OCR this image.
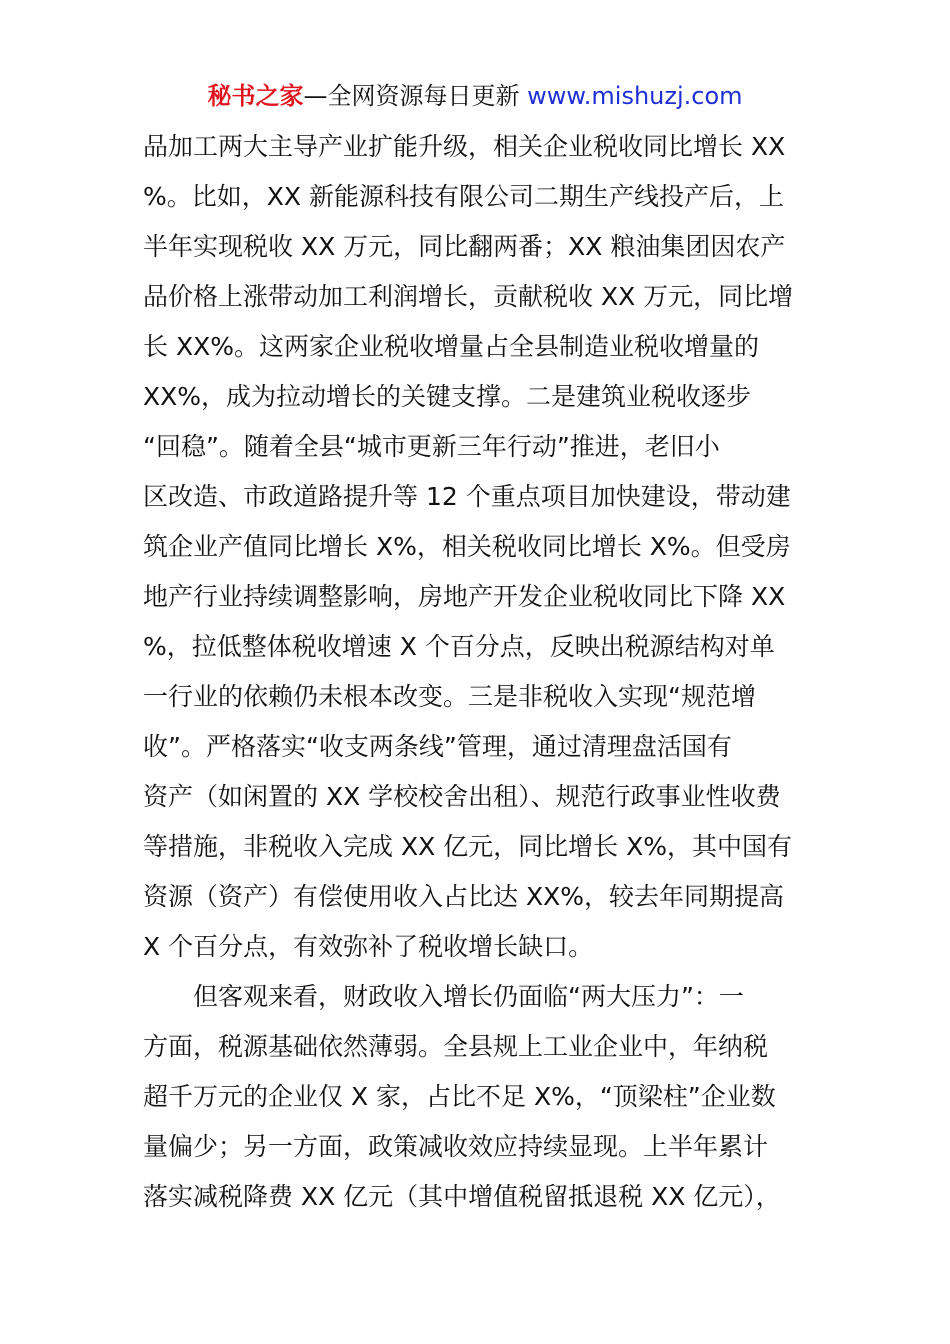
秘书之家—全网资源每日更新 www.mishuzj.com
品加工两大主导产业扩能升级，相关企业税收同比增长 XX
%。比如，XX 新能源科技有限公司二期生产线投产后，上
半年实现税收 XX 万元，同比翻两番；XX 粮油集团因农产
品价格上涨带动加工利润增长，贡献税收 XX 万元，同比增
长 XX%。这两家企业税收增量占全县制造业税收增量的
XX%，成为拉动增长的关键支撑。二是建筑业税收逐步
“回稳”。随着全县“城市更新三年行动”推进，老旧小
区改造、市政道路提升等 12 个重点项目加快建设，带动建
筑企业产值同比增长 X%，相关税收同比增长 X%。但受房
地产行业持续调整影响，房地产开发企业税收同比下降 XX
%，拉低整体税收增速 X 个百分点，反映出税源结构对单
一行业的依赖仍未根本改变。三是非税收入实现“规范增
收”。严格落实“收支两条线”管理，通过清理盘活国有
资产（如闲置的 XX 学校校舍出租）、规范行政事业性收费
等措施，非税收入完成 XX 亿元，同比增长 X%，其中国有
资源（资产）有偿使用收入占比达 XX%，较去年同期提高
X 个百分点，有效弥补了税收增长缺口。
但客观来看，财政收入增长仍面临“两大压力”：一
方面，税源基础依然薄弱。全县规上工业企业中，年纳税
超千万元的企业仅 X 家，占比不足 X%，“顶梁柱”企业数
量偏少；另一方面，政策减收效应持续显现。上半年累计
落实减税降费 XX 亿元（其中增值税留抵退税 XX 亿元），
